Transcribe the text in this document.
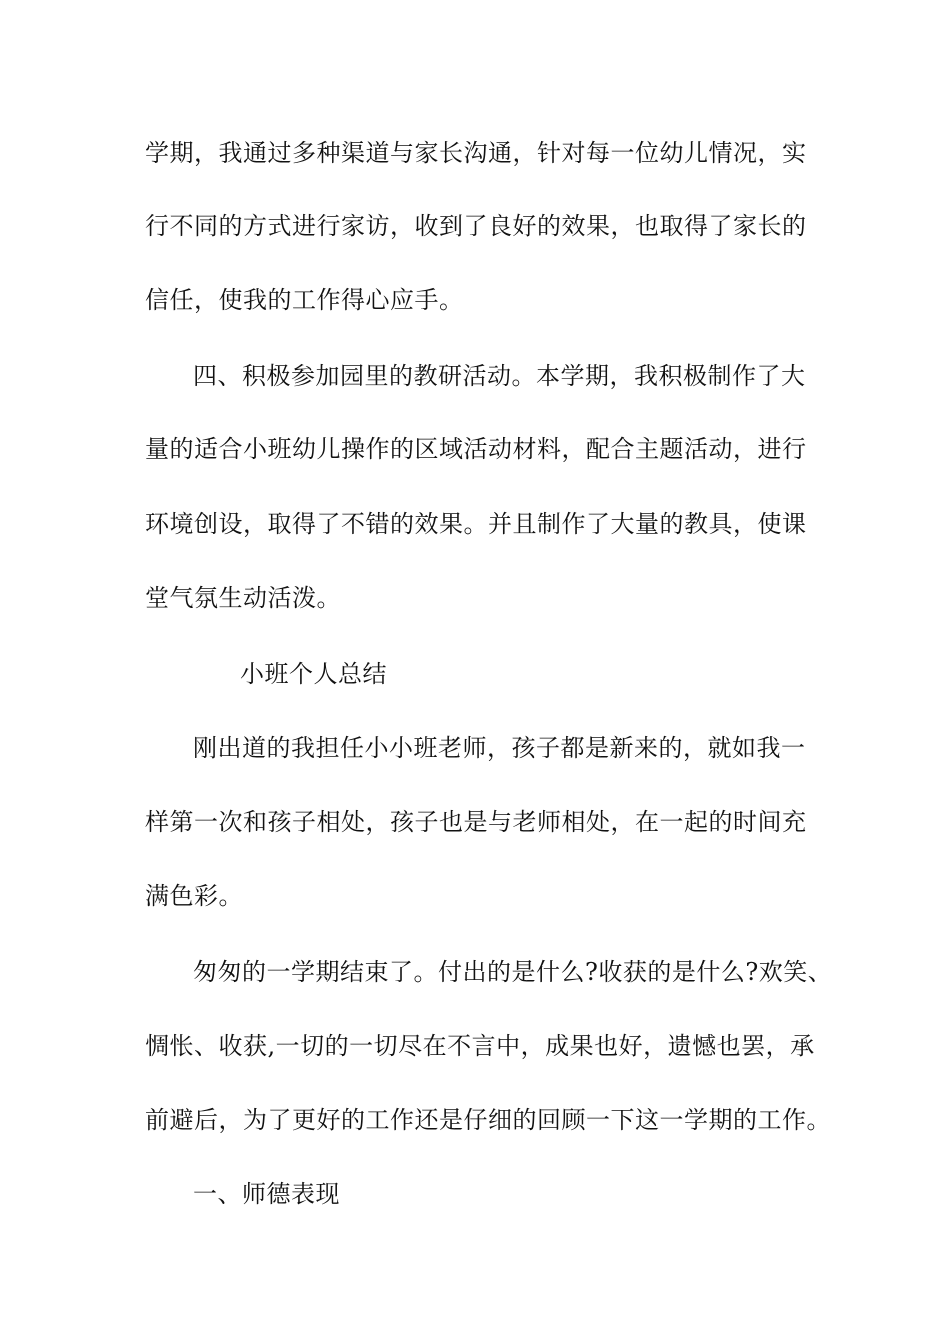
学期，我通过多种渠道与家长沟通，针对每一位幼儿情况，实
行不同的方式进行家访，收到了良好的效果，也取得了家长的
信任，使我的工作得心应手。
四、积极参加园里的教研活动。本学期，我积极制作了大
量的适合小班幼儿操作的区域活动材料，配合主题活动，进行
环境创设，取得了不错的效果。并且制作了大量的教具，使课
堂气氛生动活泼。
小班个人总结
刚出道的我担任小小班老师，孩子都是新来的，就如我一
样第一次和孩子相处，孩子也是与老师相处，在一起的时间充
满色彩。
匆匆的一学期结束了。付出的是什么?收获的是什么?欢笑、
惆怅、收获,一切的一切尽在不言中，成果也好，遗憾也罢，承
前避后，为了更好的工作还是仔细的回顾一下这一学期的工作。
一、师德表现
